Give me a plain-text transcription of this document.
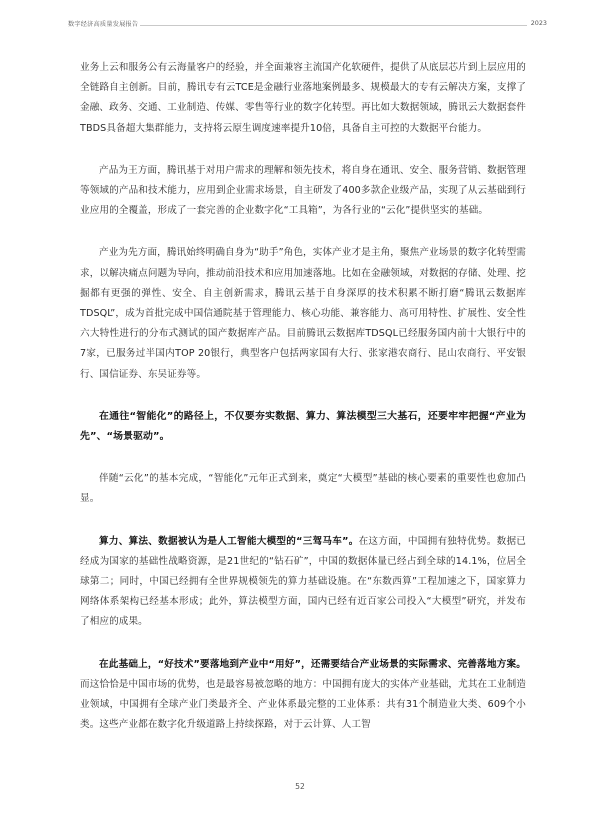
数字经济高质量发展报告	2023

业务上云和服务公有云海量客户的经验，并全面兼容主流国产化软硬件，提供了从底层芯片到上层应用的全链路自主创新。目前，腾讯专有云TCE是金融行业落地案例最多、规模最大的专有云解决方案，支撑了金融、政务、交通、工业制造、传媒、零售等行业的数字化转型。再比如大数据领域，腾讯云大数据套件TBDS具备超大集群能力，支持将云原生调度速率提升10倍，具备自主可控的大数据平台能力。

产品为王方面，腾讯基于对用户需求的理解和领先技术，将自身在通讯、安全、服务营销、数据管理等领域的产品和技术能力，应用到企业需求场景，自主研发了400多款企业级产品，实现了从云基础到行业应用的全覆盖，形成了一套完善的企业数字化“工具箱”，为各行业的“云化”提供坚实的基础。

产业为先方面，腾讯始终明确自身为“助手”角色，实体产业才是主角，聚焦产业场景的数字化转型需求，以解决痛点问题为导向，推动前沿技术和应用加速落地。比如在金融领域，对数据的存储、处理、挖掘都有更强的弹性、安全、自主创新需求，腾讯云基于自身深厚的技术积累不断打磨“腾讯云数据库TDSQL”，成为首批完成中国信通院基于管理能力、核心功能、兼容能力、高可用特性、扩展性、安全性六大特性进行的分布式测试的国产数据库产品。目前腾讯云数据库TDSQL已经服务国内前十大银行中的7家，已服务过半国内TOP 20银行，典型客户包括两家国有大行、张家港农商行、昆山农商行、平安银行、国信证券、东吴证券等。

在通往“智能化”的路径上，不仅要夯实数据、算力、算法模型三大基石，还要牢牢把握“产业为先”、“场景驱动”。

伴随“云化”的基本完成，“智能化”元年正式到来，奠定“大模型”基础的核心要素的重要性也愈加凸显。

算力、算法、数据被认为是人工智能大模型的“三驾马车”。在这方面，中国拥有独特优势。数据已经成为国家的基础性战略资源，是21世纪的“钻石矿”，中国的数据体量已经占到全球的14.1%，位居全球第二；同时，中国已经拥有全世界规模领先的算力基础设施。在“东数西算”工程加速之下，国家算力网络体系架构已经基本形成；此外，算法模型方面，国内已经有近百家公司投入“大模型”研究，并发布了相应的成果。

在此基础上，“好技术”要落地到产业中“用好”，还需要结合产业场景的实际需求、完善落地方案。而这恰恰是中国市场的优势，也是最容易被忽略的地方：中国拥有庞大的实体产业基础，尤其在工业制造业领域，中国拥有全球产业门类最齐全、产业体系最完整的工业体系：共有31个制造业大类、609个小类。这些产业都在数字化升级道路上持续探路，对于云计算、人工智

52
